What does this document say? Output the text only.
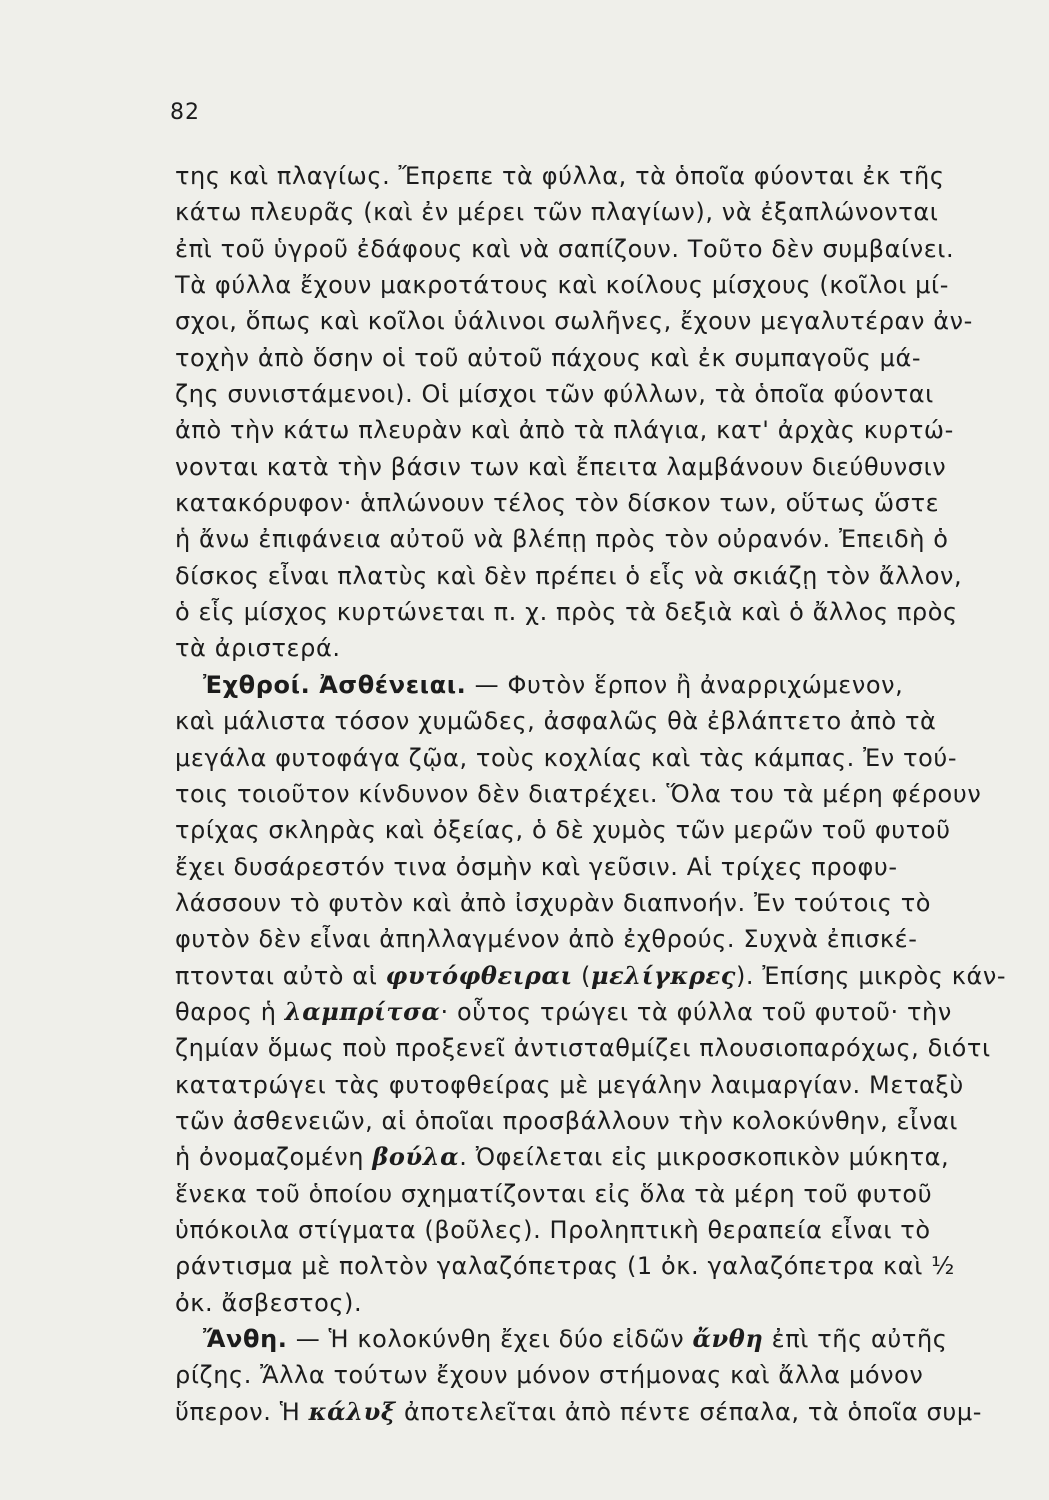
82
της καὶ πλαγίως. Ἔπρεπε τὰ φύλλα, τὰ ὁποῖα φύονται ἐκ τῆς
κάτω πλευρᾶς (καὶ ἐν μέρει τῶν πλαγίων), νὰ ἐξαπλώνονται
ἐπὶ τοῦ ὑγροῦ ἐδάφους καὶ νὰ σαπίζουν. Τοῦτο δὲν συμβαίνει.
Τὰ φύλλα ἔχουν μακροτάτους καὶ κοίλους μίσχους (κοῖλοι μί-
σχοι, ὅπως καὶ κοῖλοι ὑάλινοι σωλῆνες, ἔχουν μεγαλυτέραν ἀν-
τοχὴν ἀπὸ ὅσην οἱ τοῦ αὐτοῦ πάχους καὶ ἐκ συμπαγοῦς μά-
ζης συνιστάμενοι). Οἱ μίσχοι τῶν φύλλων, τὰ ὁποῖα φύονται
ἀπὸ τὴν κάτω πλευρὰν καὶ ἀπὸ τὰ πλάγια, κατ' ἀρχὰς κυρτώ-
νονται κατὰ τὴν βάσιν των καὶ ἔπειτα λαμβάνουν διεύθυνσιν
κατακόρυφον· ἁπλώνουν τέλος τὸν δίσκον των, οὕτως ὥστε
ἡ ἄνω ἐπιφάνεια αὐτοῦ νὰ βλέπῃ πρὸς τὸν οὐρανόν. Ἐπειδὴ ὁ
δίσκος εἶναι πλατὺς καὶ δὲν πρέπει ὁ εἷς νὰ σκιάζῃ τὸν ἄλλον,
ὁ εἷς μίσχος κυρτώνεται π. χ. πρὸς τὰ δεξιὰ καὶ ὁ ἄλλος πρὸς
τὰ ἀριστερά.
Ἐχθροί. Ἀσθένειαι. — Φυτὸν ἕρπον ἢ ἀναρριχώμενον,
καὶ μάλιστα τόσον χυμῶδες, ἀσφαλῶς θὰ ἐβλάπτετο ἀπὸ τὰ
μεγάλα φυτοφάγα ζῷα, τοὺς κοχλίας καὶ τὰς κάμπας. Ἐν τού-
τοις τοιοῦτον κίνδυνον δὲν διατρέχει. Ὅλα του τὰ μέρη φέρουν
τρίχας σκληρὰς καὶ ὀξείας, ὁ δὲ χυμὸς τῶν μερῶν τοῦ φυτοῦ
ἔχει δυσάρεστόν τινα ὀσμὴν καὶ γεῦσιν. Αἱ τρίχες προφυ-
λάσσουν τὸ φυτὸν καὶ ἀπὸ ἰσχυρὰν διαπνοήν. Ἐν τούτοις τὸ
φυτὸν δὲν εἶναι ἀπηλλαγμένον ἀπὸ ἐχθρούς. Συχνὰ ἐπισκέ-
πτονται αὐτὸ αἱ φυτόφθειραι (μελίγκρες). Ἐπίσης μικρὸς κάν-
θαρος ἡ λαμπρίτσα· οὗτος τρώγει τὰ φύλλα τοῦ φυτοῦ· τὴν
ζημίαν ὅμως ποὺ προξενεῖ ἀντισταθμίζει πλουσιοπαρόχως, διότι
κατατρώγει τὰς φυτοφθείρας μὲ μεγάλην λαιμαργίαν. Μεταξὺ
τῶν ἀσθενειῶν, αἱ ὁποῖαι προσβάλλουν τὴν κολοκύνθην, εἶναι
ἡ ὀνομαζομένη βούλα. Ὀφείλεται εἰς μικροσκοπικὸν μύκητα,
ἕνεκα τοῦ ὁποίου σχηματίζονται εἰς ὅλα τὰ μέρη τοῦ φυτοῦ
ὑπόκοιλα στίγματα (βοῦλες). Προληπτικὴ θεραπεία εἶναι τὸ
ράντισμα μὲ πολτὸν γαλαζόπετρας (1 ὀκ. γαλαζόπετρα καὶ ½
ὀκ. ἄσβεστος).
Ἄνθη. — Ἡ κολοκύνθη ἔχει δύο εἰδῶν ἄνθη ἐπὶ τῆς αὐτῆς
ρίζης. Ἄλλα τούτων ἔχουν μόνον στήμονας καὶ ἄλλα μόνον
ὕπερον. Ἡ κάλυξ ἀποτελεῖται ἀπὸ πέντε σέπαλα, τὰ ὁποῖα συμ-
